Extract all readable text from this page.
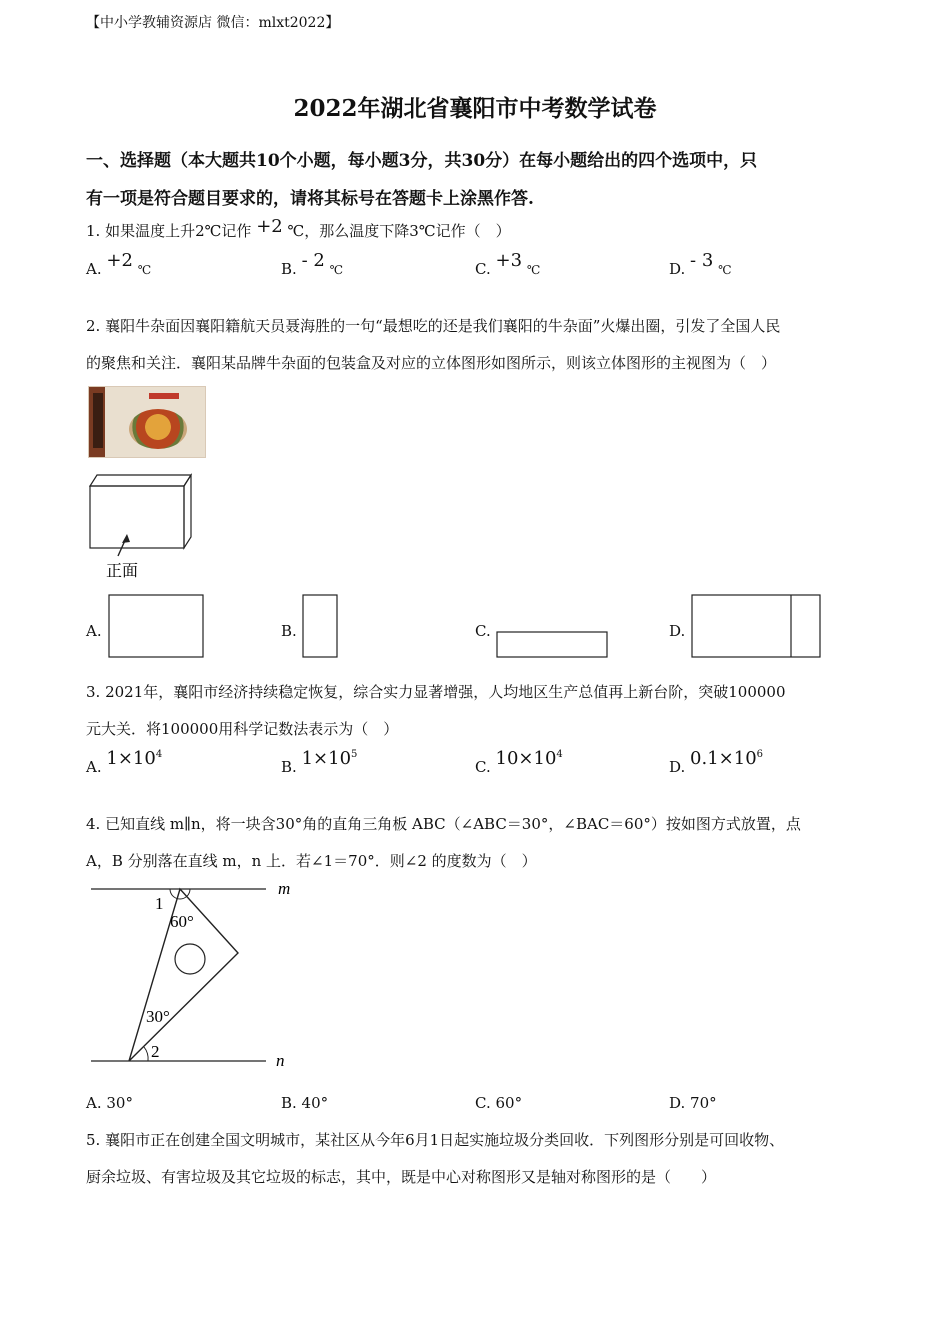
【中小学教辅资源店 微信：mlxt2022】
2022年湖北省襄阳市中考数学试卷
一、选择题（本大题共10个小题，每小题3分，共30分）在每小题给出的四个选项中，只
有一项是符合题目要求的，请将其标号在答题卡上涂黑作答.
1. 如果温度上升2℃记作 +2 ℃，那么温度下降3℃记作（　）
A. +2 ℃	B. - 2 ℃	C. +3 ℃	D. - 3 ℃
2. 襄阳牛杂面因襄阳籍航天员聂海胜的一句“最想吃的还是我们襄阳的牛杂面”火爆出圈，引发了全国人民
的聚焦和关注．襄阳某品牌牛杂面的包装盒及对应的立体图形如图所示，则该立体图形的主视图为（　）
正面
A.	B.	C.	D.
3. 2021年，襄阳市经济持续稳定恢复，综合实力显著增强，人均地区生产总值再上新台阶，突破100000
元大关．将100000用科学记数法表示为（　）
A. $1\times 10^4$
B. $1\times 10^5$
C. $10\times 10^4$
D. $0.1\times 10^6$
4. 已知直线 m∥n，将一块含30°角的直角三角板 ABC（∠ABC＝30°，∠BAC＝60°）按如图方式放置，点
A，B 分别落在直线 m，n 上．若∠1＝70°．则∠2 的度数为（　）
m
n
1
60°
30°
2
A. 30°	B. 40°	C. 60°	D. 70°
5. 襄阳市正在创建全国文明城市，某社区从今年6月1日起实施垃圾分类回收．下列图形分别是可回收物、
厨余垃圾、有害垃圾及其它垃圾的标志，其中，既是中心对称图形又是轴对称图形的是（　　）
